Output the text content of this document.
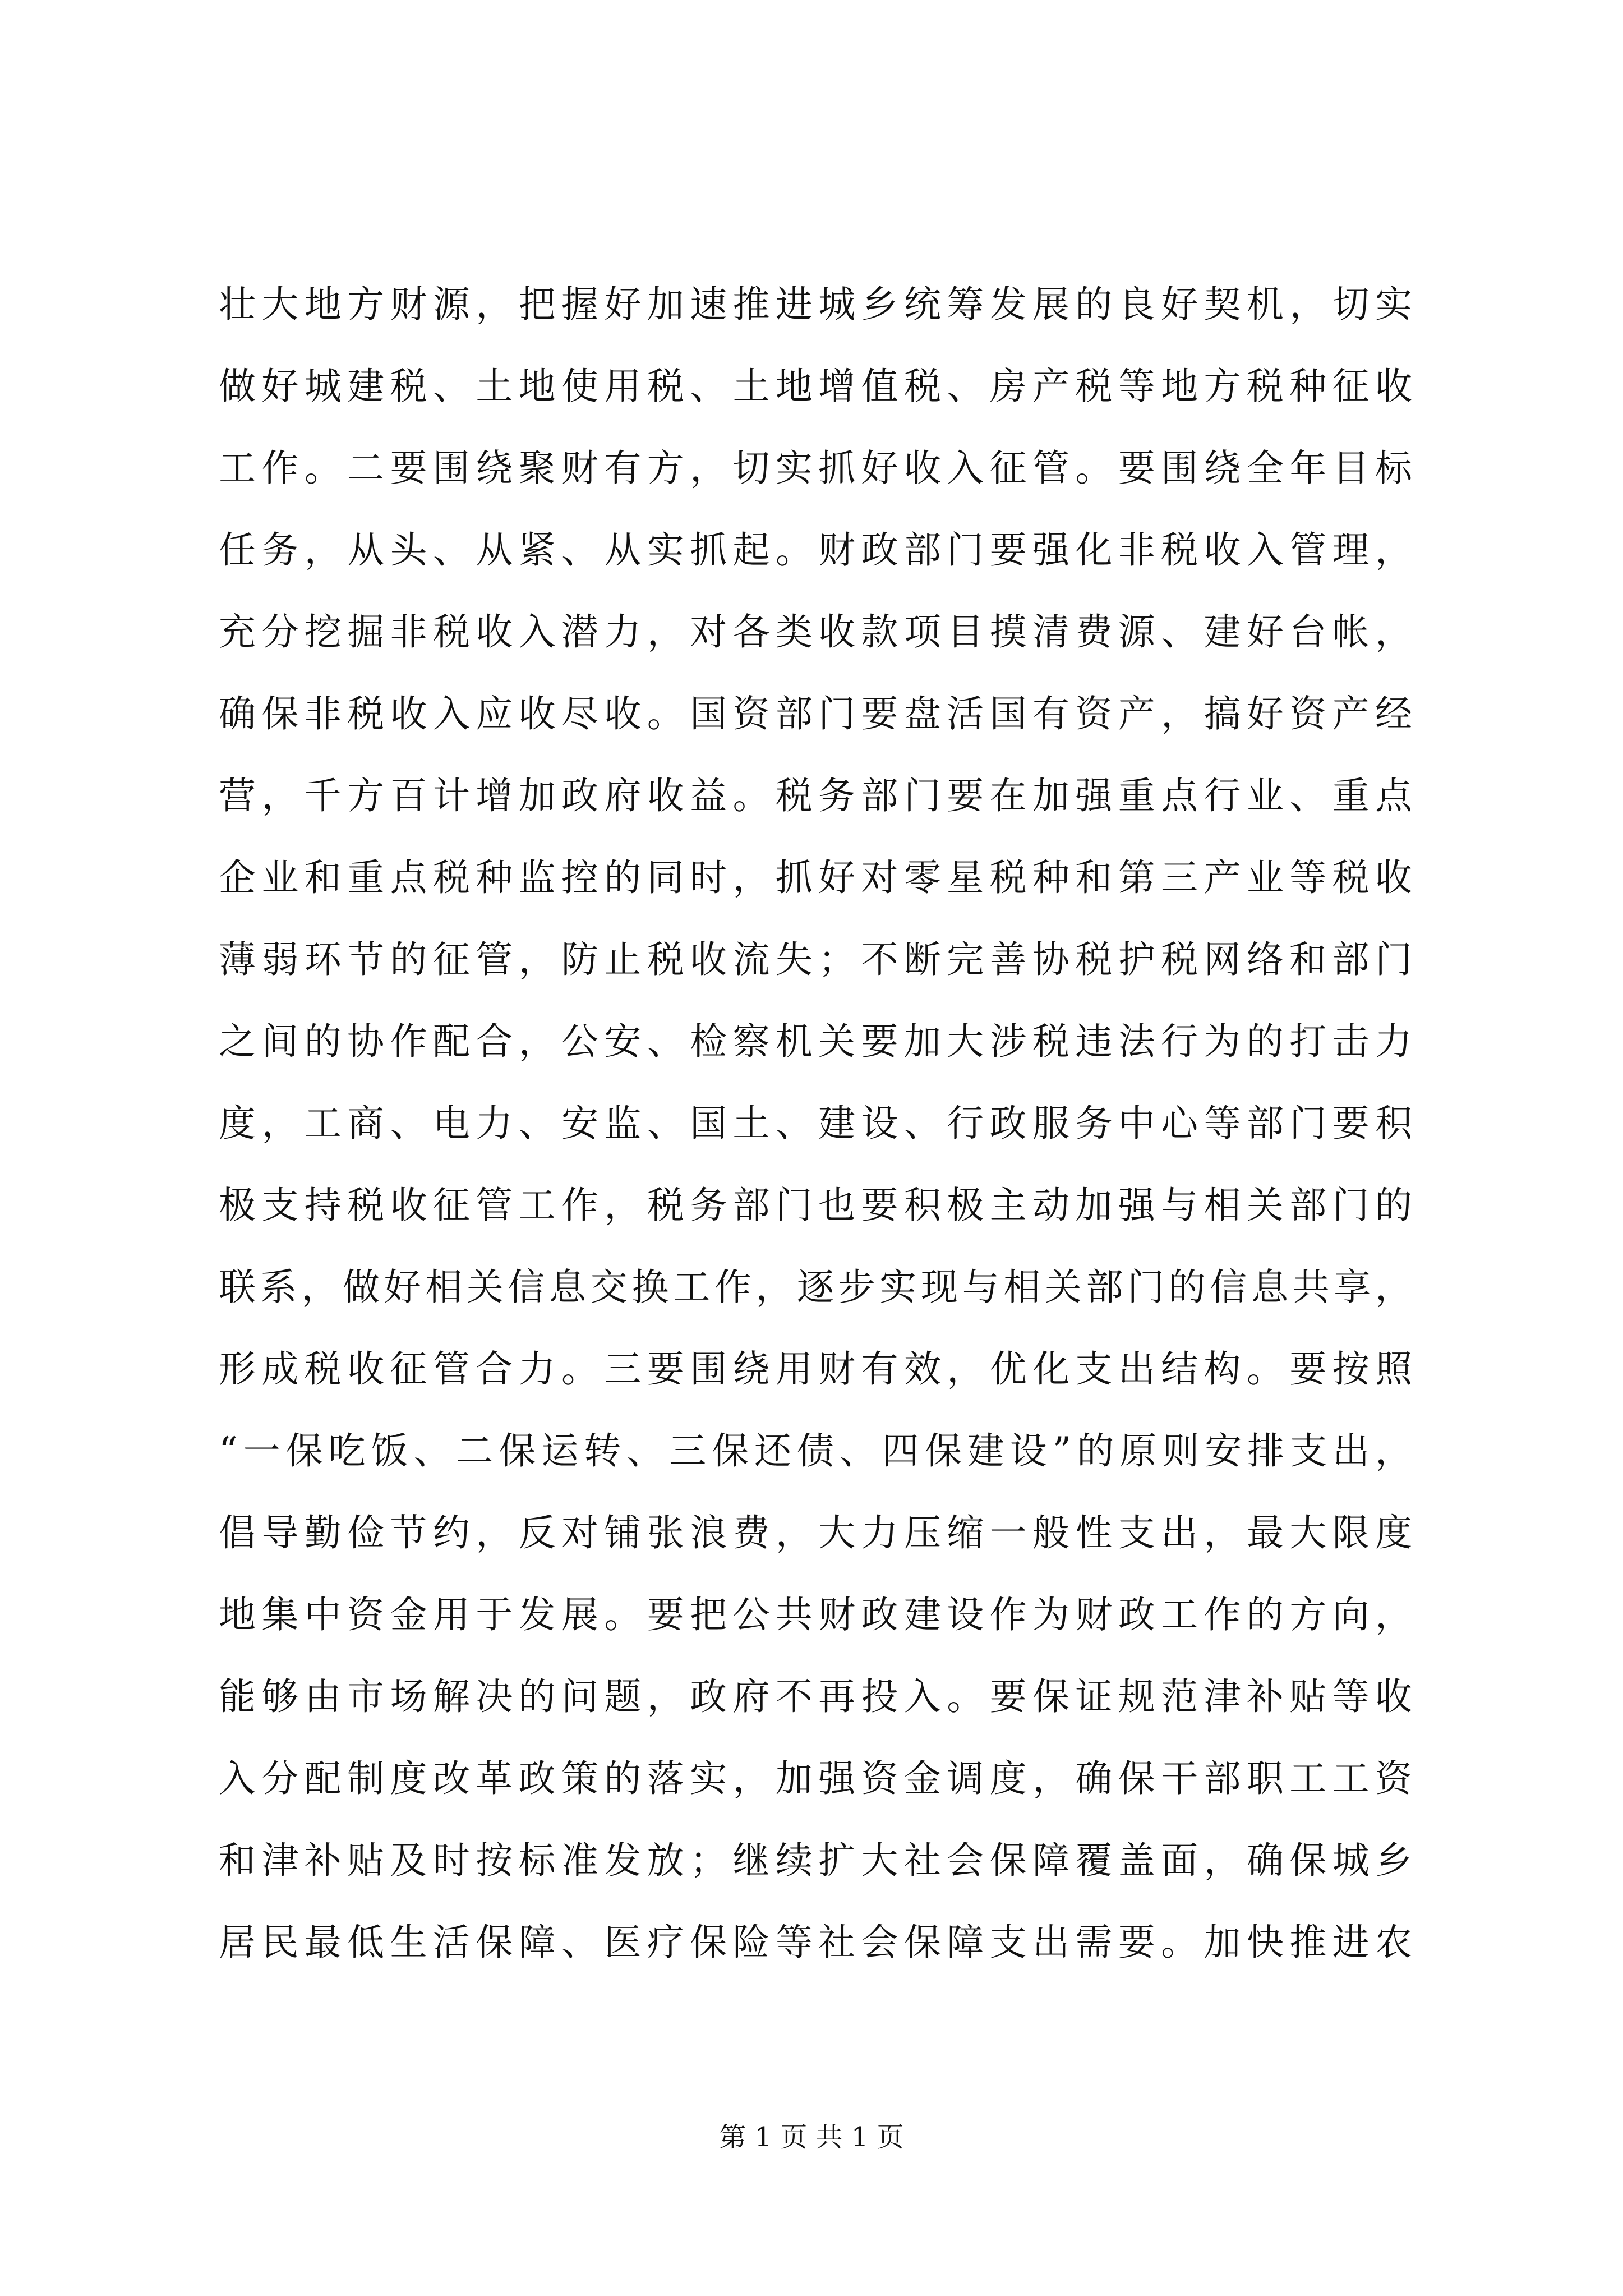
壮大地方财源，把握好加速推进城乡统筹发展的良好契机，切实
做好城建税、土地使用税、土地增值税、房产税等地方税种征收
工作。二要围绕聚财有方，切实抓好收入征管。要围绕全年目标
任务，从头、从紧、从实抓起。财政部门要强化非税收入管理，
充分挖掘非税收入潜力，对各类收款项目摸清费源、建好台帐，
确保非税收入应收尽收。国资部门要盘活国有资产，搞好资产经
营，千方百计增加政府收益。税务部门要在加强重点行业、重点
企业和重点税种监控的同时，抓好对零星税种和第三产业等税收
薄弱环节的征管，防止税收流失；不断完善协税护税网络和部门
之间的协作配合，公安、检察机关要加大涉税违法行为的打击力
度，工商、电力、安监、国土、建设、行政服务中心等部门要积
极支持税收征管工作，税务部门也要积极主动加强与相关部门的
联系，做好相关信息交换工作，逐步实现与相关部门的信息共享，
形成税收征管合力。三要围绕用财有效，优化支出结构。要按照
“一保吃饭、二保运转、三保还债、四保建设”的原则安排支出，
倡导勤俭节约，反对铺张浪费，大力压缩一般性支出，最大限度
地集中资金用于发展。要把公共财政建设作为财政工作的方向，
能够由市场解决的问题，政府不再投入。要保证规范津补贴等收
入分配制度改革政策的落实，加强资金调度，确保干部职工工资
和津补贴及时按标准发放；继续扩大社会保障覆盖面，确保城乡
居民最低生活保障、医疗保险等社会保障支出需要。加快推进农
第 1 页 共 1 页
